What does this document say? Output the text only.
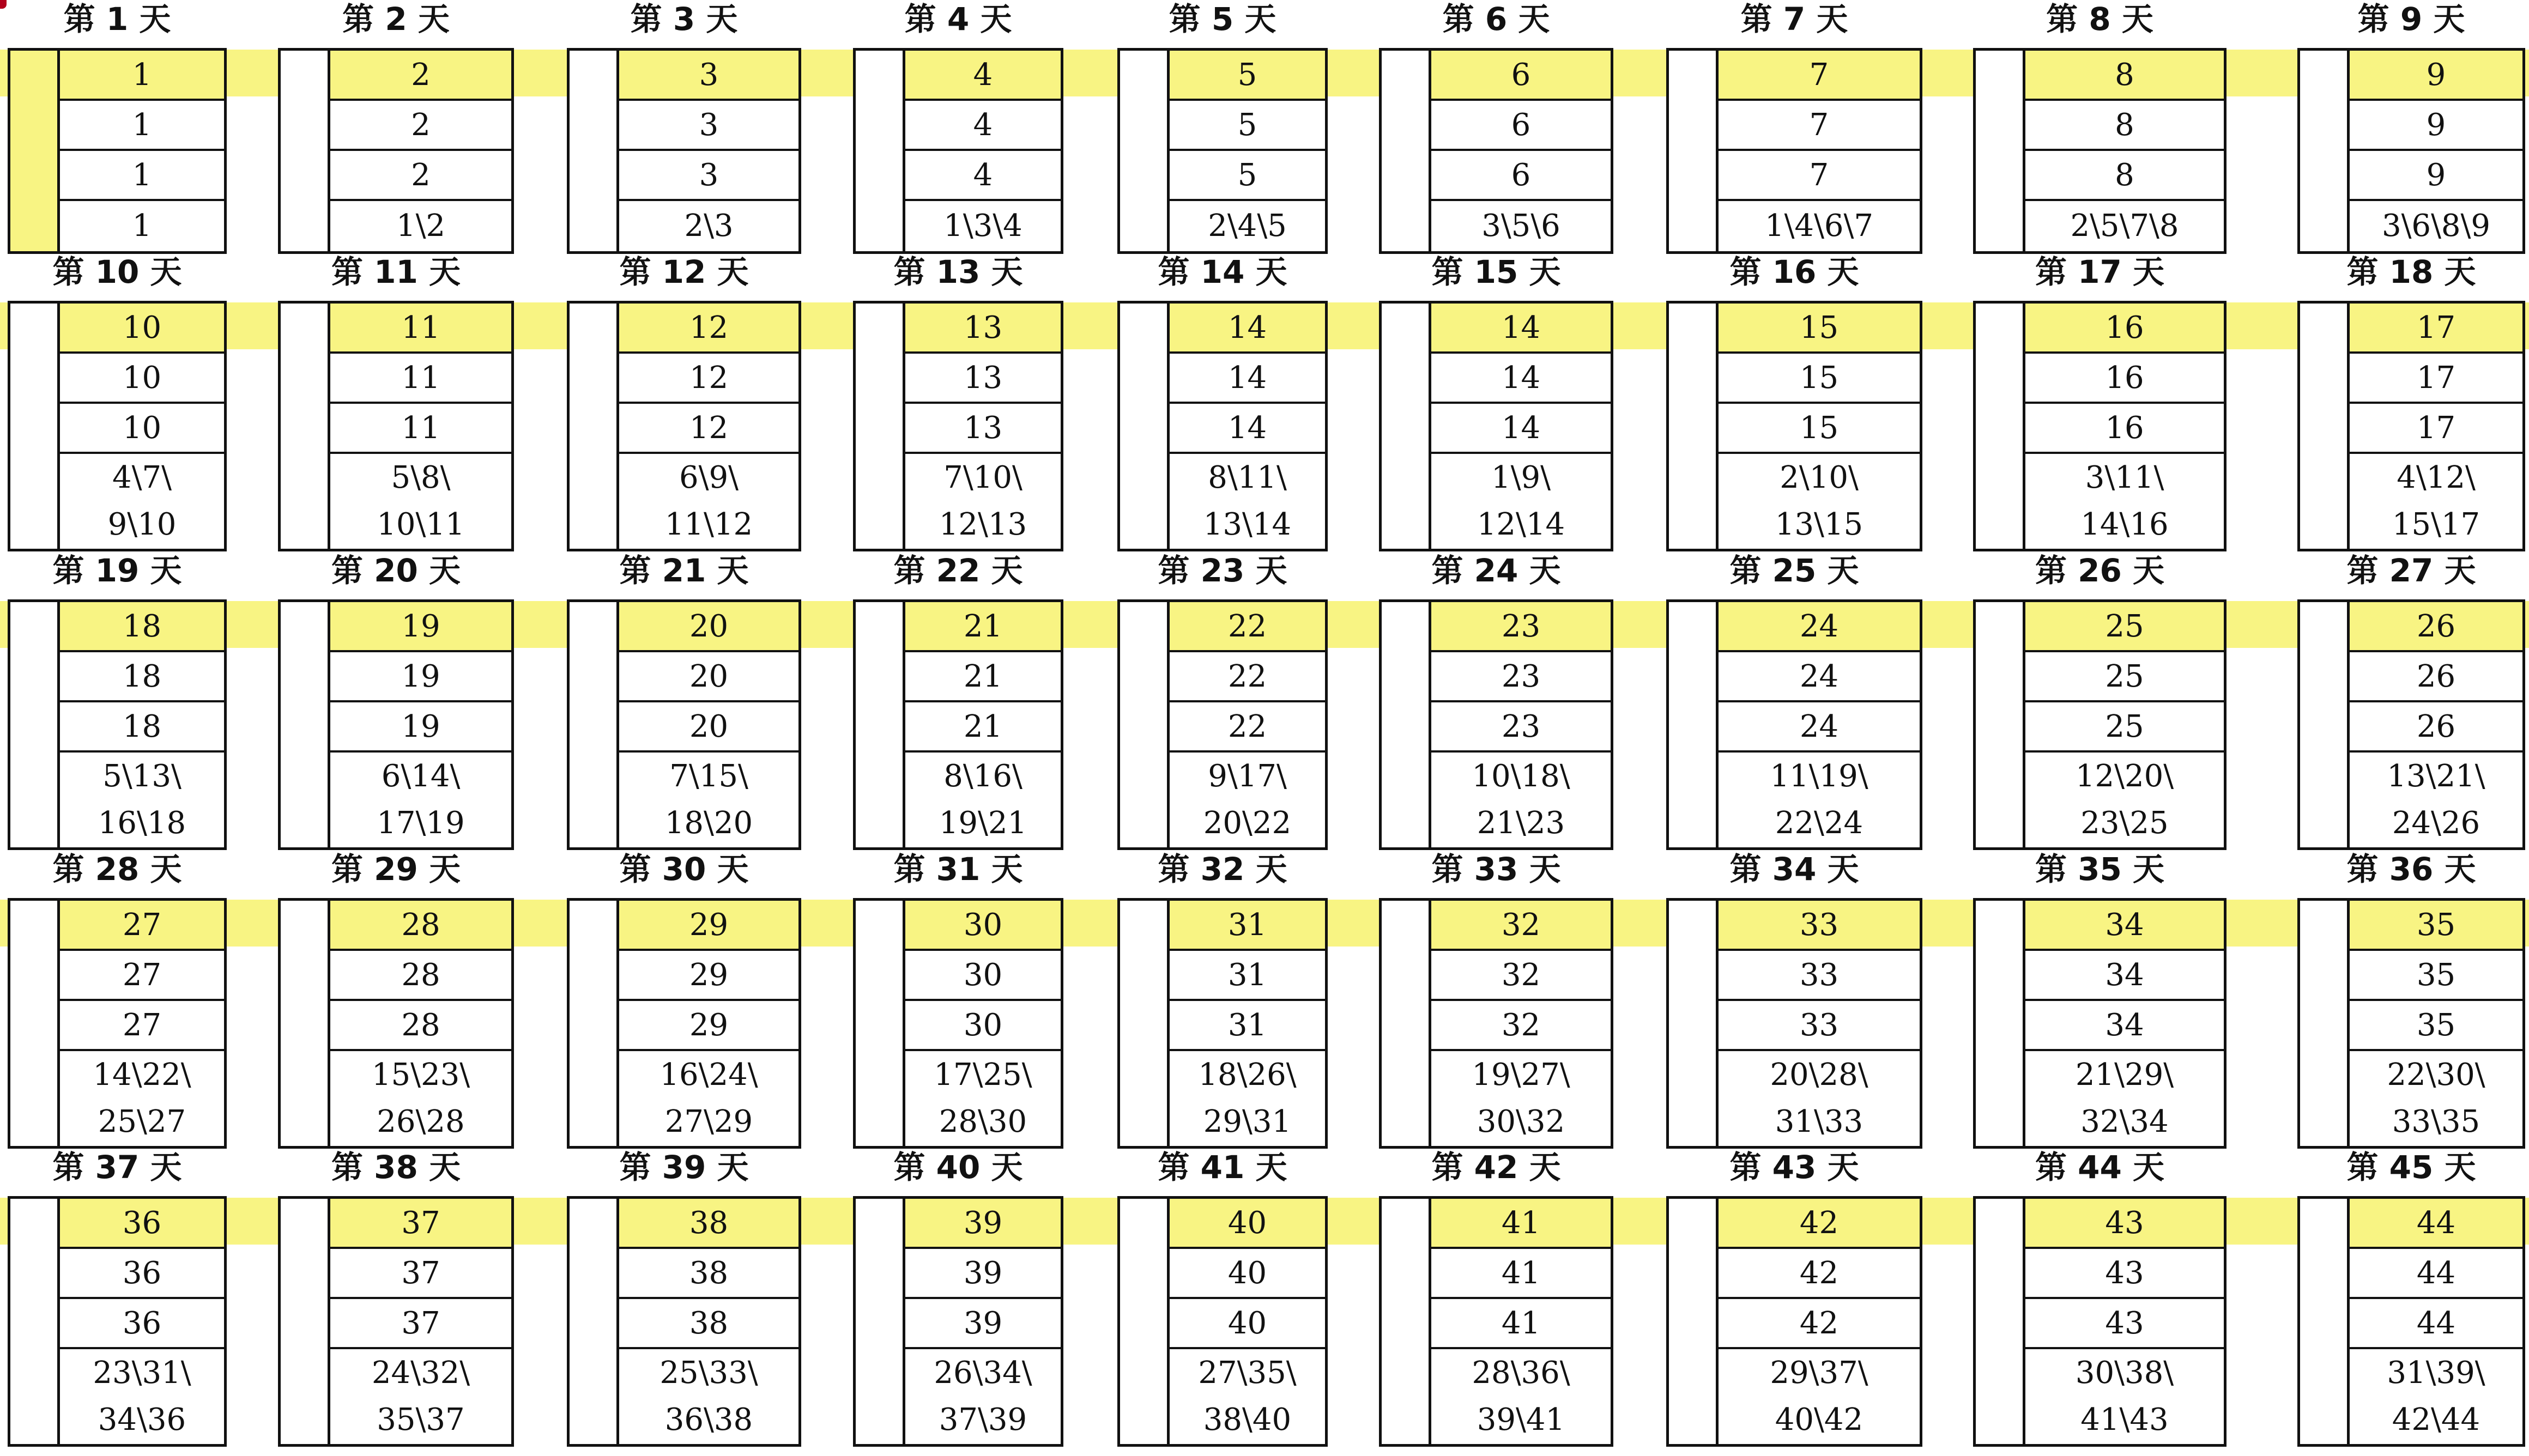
第 1 天
1
1
1
1
第 2 天
2
2
2
1\2
第 3 天
3
3
3
2\3
第 4 天
4
4
4
1\3\4
第 5 天
5
5
5
2\4\5
第 6 天
6
6
6
3\5\6
第 7 天
7
7
7
1\4\6\7
第 8 天
8
8
8
2\5\7\8
第 9 天
9
9
9
3\6\8\9
第 10 天
10
10
10
4\7\
9\10
第 11 天
11
11
11
5\8\
10\11
第 12 天
12
12
12
6\9\
11\12
第 13 天
13
13
13
7\10\
12\13
第 14 天
14
14
14
8\11\
13\14
第 15 天
14
14
14
1\9\
12\14
第 16 天
15
15
15
2\10\
13\15
第 17 天
16
16
16
3\11\
14\16
第 18 天
17
17
17
4\12\
15\17
第 19 天
18
18
18
5\13\
16\18
第 20 天
19
19
19
6\14\
17\19
第 21 天
20
20
20
7\15\
18\20
第 22 天
21
21
21
8\16\
19\21
第 23 天
22
22
22
9\17\
20\22
第 24 天
23
23
23
10\18\
21\23
第 25 天
24
24
24
11\19\
22\24
第 26 天
25
25
25
12\20\
23\25
第 27 天
26
26
26
13\21\
24\26
第 28 天
27
27
27
14\22\
25\27
第 29 天
28
28
28
15\23\
26\28
第 30 天
29
29
29
16\24\
27\29
第 31 天
30
30
30
17\25\
28\30
第 32 天
31
31
31
18\26\
29\31
第 33 天
32
32
32
19\27\
30\32
第 34 天
33
33
33
20\28\
31\33
第 35 天
34
34
34
21\29\
32\34
第 36 天
35
35
35
22\30\
33\35
第 37 天
36
36
36
23\31\
34\36
第 38 天
37
37
37
24\32\
35\37
第 39 天
38
38
38
25\33\
36\38
第 40 天
39
39
39
26\34\
37\39
第 41 天
40
40
40
27\35\
38\40
第 42 天
41
41
41
28\36\
39\41
第 43 天
42
42
42
29\37\
40\42
第 44 天
43
43
43
30\38\
41\43
第 45 天
44
44
44
31\39\
42\44
